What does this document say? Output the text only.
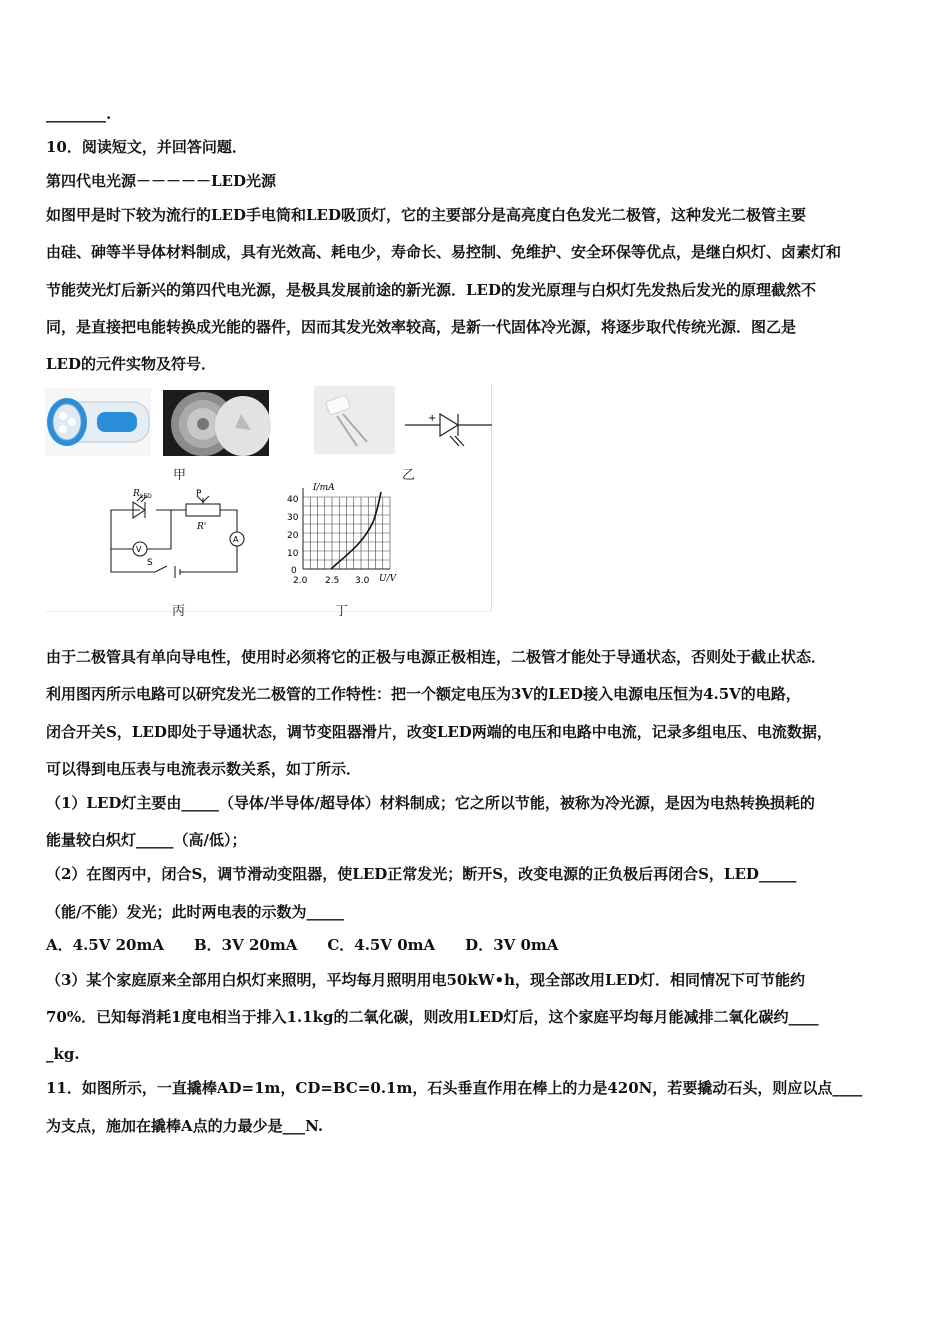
________.
10．阅读短文，并回答问题．
第四代电光源－－－－－LED光源
如图甲是时下较为流行的LED手电筒和LED吸顶灯，它的主要部分是高亮度白色发光二极管，这种发光二极管主要
由硅、砷等半导体材料制成，具有光效高、耗电少，寿命长、易控制、免维护、安全环保等优点，是继白炽灯、卤素灯和
节能荧光灯后新兴的第四代电光源，是极具发展前途的新光源．LED的发光原理与白炽灯先发热后发光的原理截然不
同，是直接把电能转换成光能的器件，因而其发光效率较高，是新一代固体冷光源，将逐步取代传统光源．图乙是
LED的元件实物及符号．
+
R LED	P
R'
V
A
S
I/mA
U/V
40
30
20
10
0
2.0 2.5 3.0
甲	乙
丙	丁
由于二极管具有单向导电性，使用时必须将它的正极与电源正极相连，二极管才能处于导通状态，否则处于截止状态．
利用图丙所示电路可以研究发光二极管的工作特性：把一个额定电压为3V的LED接入电源电压恒为4.5V的电路，
闭合开关S，LED即处于导通状态，调节变阻器滑片，改变LED两端的电压和电路中电流，记录多组电压、电流数据，
可以得到电压表与电流表示数关系，如丁所示．
（1）LED灯主要由_____（导体/半导体/超导体）材料制成；它之所以节能，被称为冷光源，是因为电热转换损耗的
能量较白炽灯_____（高/低）；
（2）在图丙中，闭合S，调节滑动变阻器，使LED正常发光；断开S，改变电源的正负极后再闭合S，LED_____
（能/不能）发光；此时两电表的示数为_____
A．4.5V 20mA　　B．3V 20mA　　C．4.5V 0mA　　D．3V 0mA
（3）某个家庭原来全部用白炽灯来照明，平均每月照明用电50kW•h，现全部改用LED灯．相同情况下可节能约
70%．已知每消耗1度电相当于排入1.1kg的二氧化碳，则改用LED灯后，这个家庭平均每月能减排二氧化碳约____
_kg.
11．如图所示，一直撬棒AD=1m，CD=BC=0.1m，石头垂直作用在棒上的力是420N，若要撬动石头，则应以点____
为支点，施加在撬棒A点的力最少是___N.
